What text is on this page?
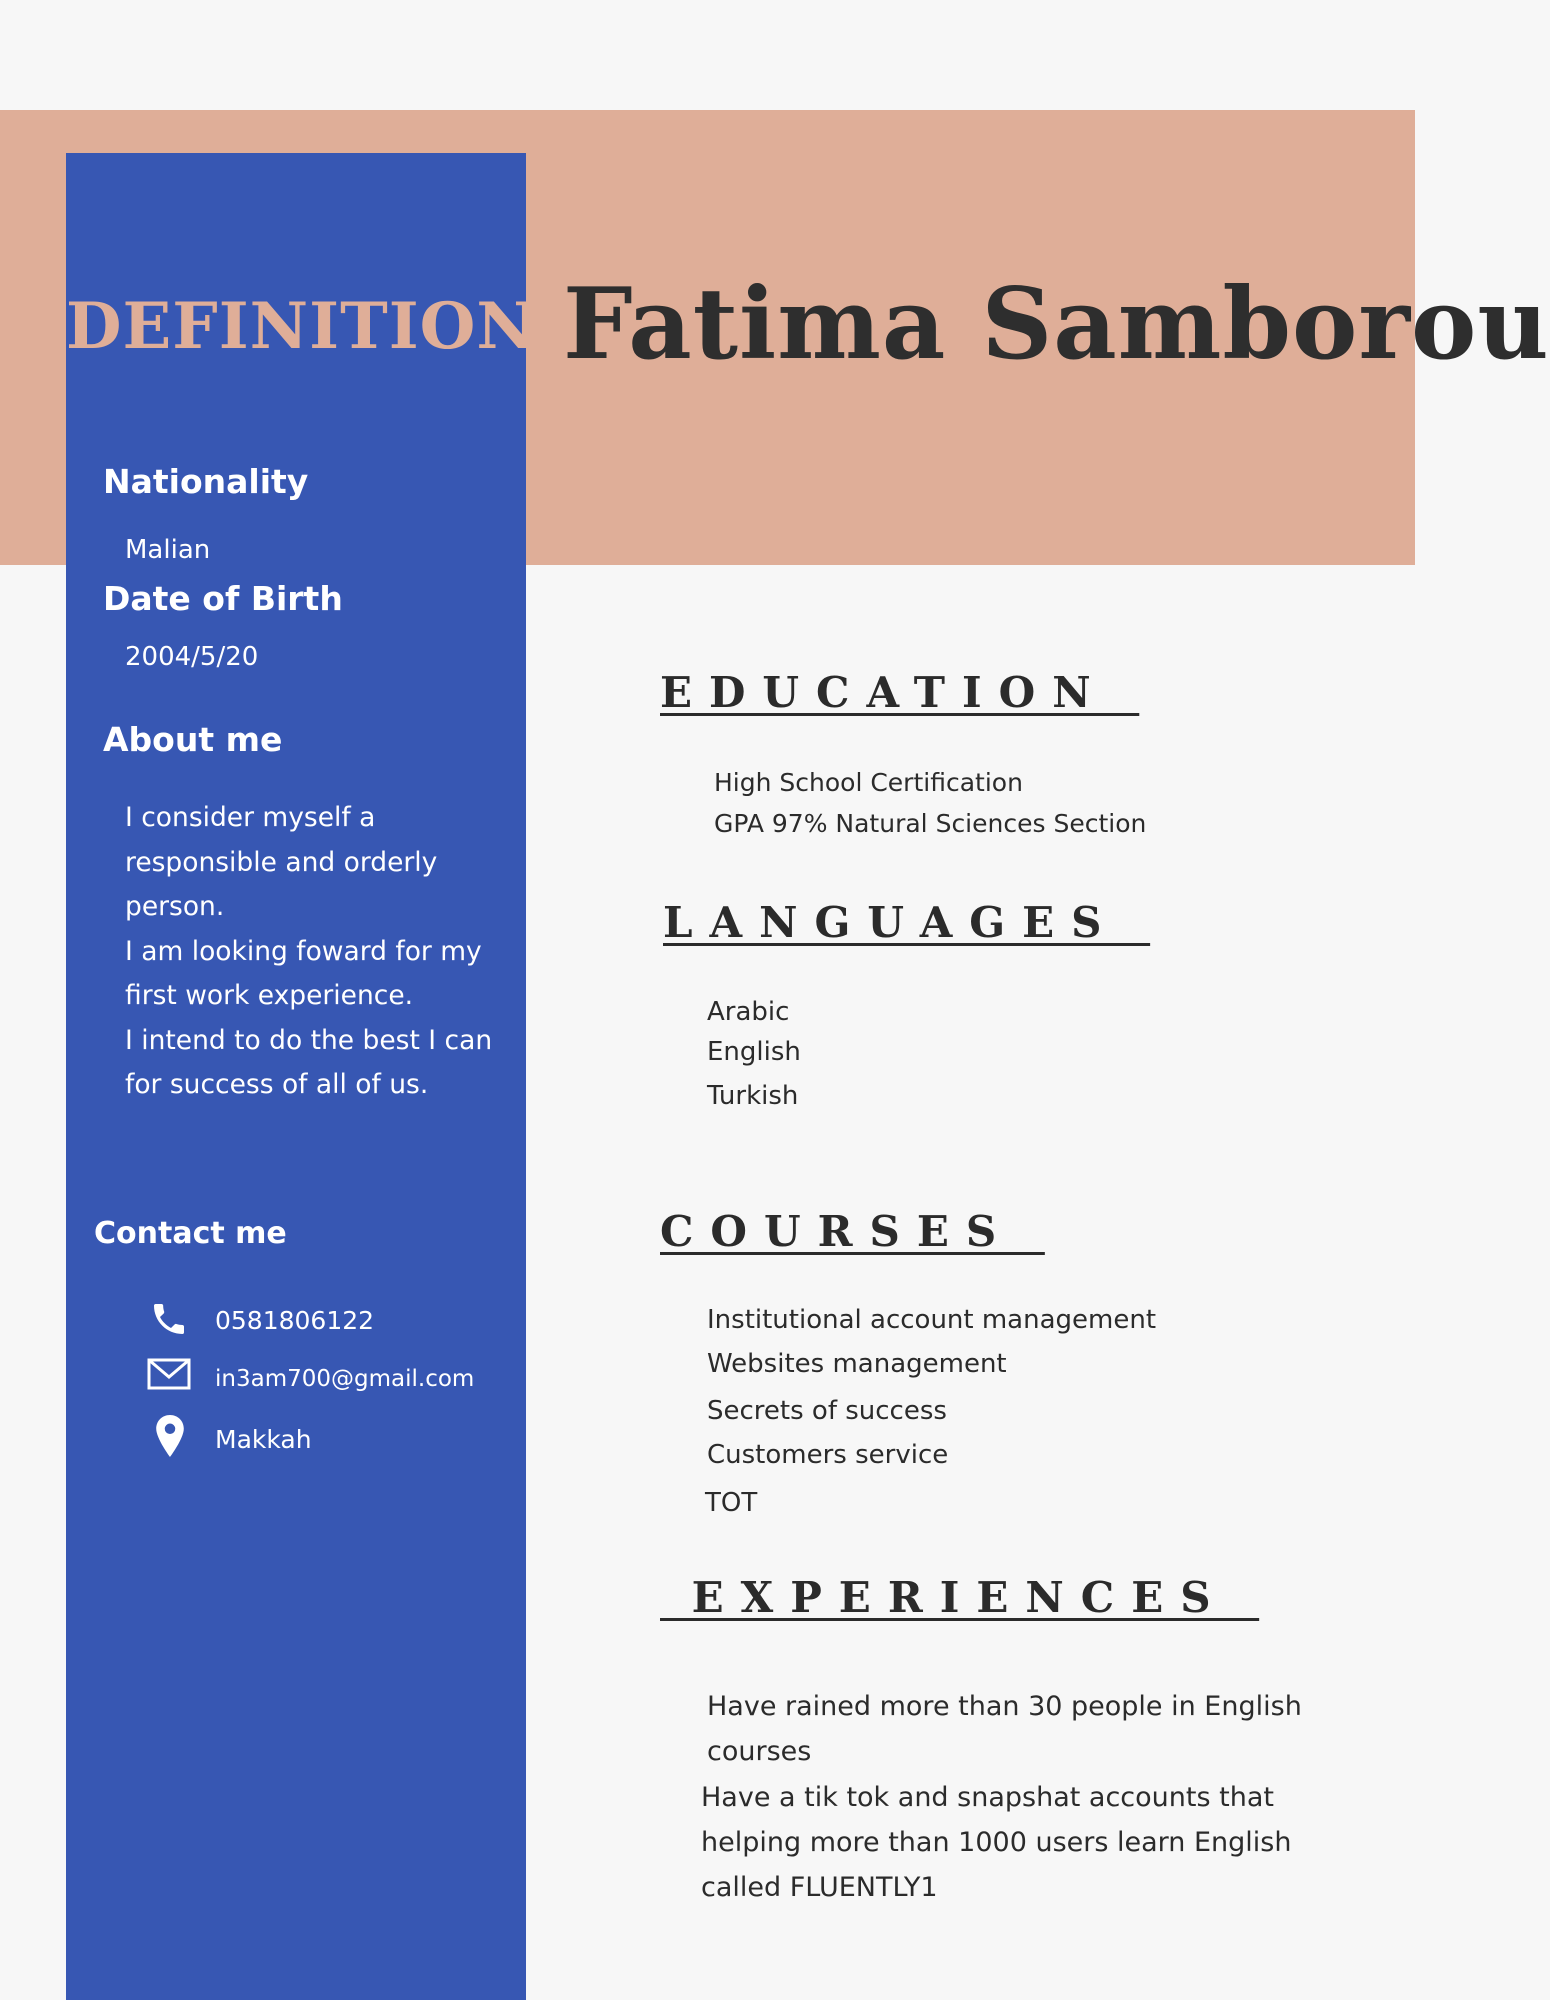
Fatima Samborou
DEFINITION
Nationality
Malian
Date of Birth
2004/5/20
About me
I consider myself a
responsible and orderly
person.
I am looking foward for my
first work experience.
I intend to do the best I can
for success of all of us.
Contact me
0581806122
in3am700@gmail.com
Makkah
EDUCATION
High School Certification
GPA 97% Natural Sciences Section
LANGUAGES
Arabic
English
Turkish
COURSES
Institutional account management
Websites management
Secrets of success
Customers service
TOT
EXPERIENCES
Have rained more than 30 people in English
courses
Have a tik tok and snapshat accounts that
helping more than 1000 users learn English
called FLUENTLY1
